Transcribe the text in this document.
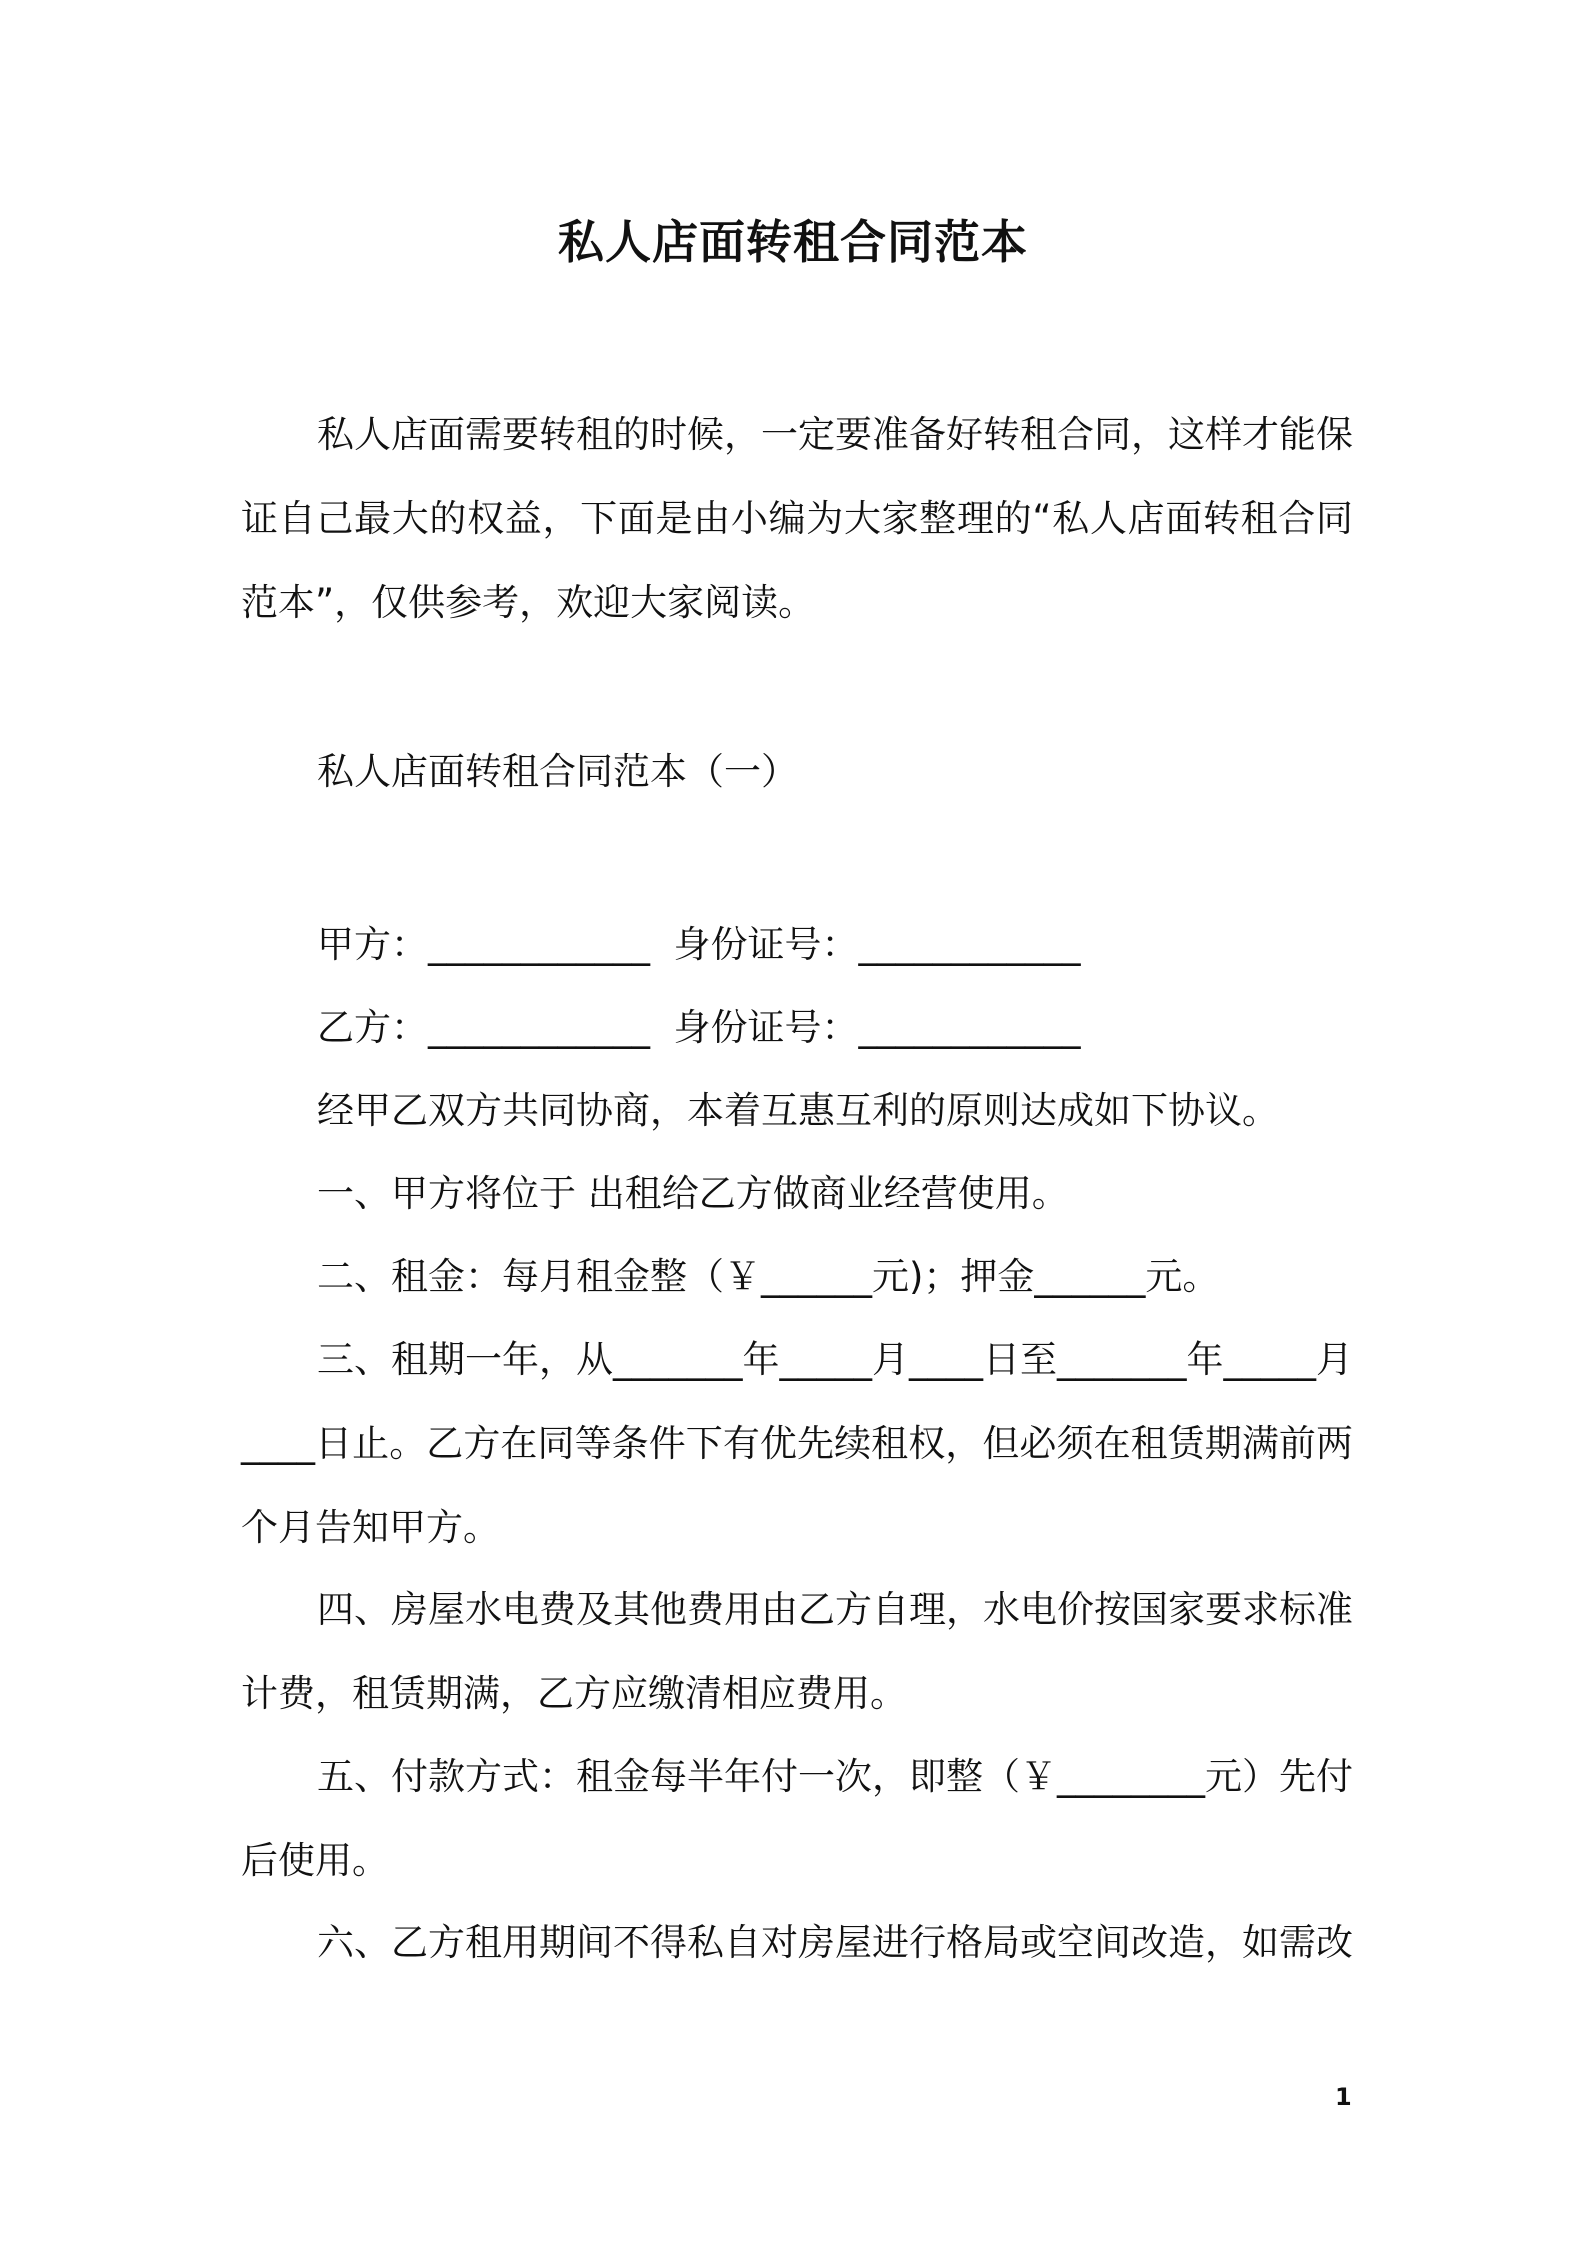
私人店面转租合同范本

私人店面需要转租的时候，一定要准备好转租合同，这样才能保证自己最大的权益，下面是由小编为大家整理的“私人店面转租合同范本”，仅供参考，欢迎大家阅读。

私人店面转租合同范本（一）
甲方：____________ 身份证号：____________
乙方：____________ 身份证号：____________
经甲乙双方共同协商，本着互惠互利的原则达成如下协议。
一、甲方将位于 出租给乙方做商业经营使用。
二、租金：每月租金整（￥______元)；押金______元。

三、租期一年，从_______年_____月____日至_______年_____月____日止。乙方在同等条件下有优先续租权，但必须在租赁期满前两个月告知甲方。

四、房屋水电费及其他费用由乙方自理，水电价按国家要求标准计费，租赁期满，乙方应缴清相应费用。

五、付款方式：租金每半年付一次，即整（￥________元）先付后使用。

六、乙方租用期间不得私自对房屋进行格局或空间改造，如需改

1
